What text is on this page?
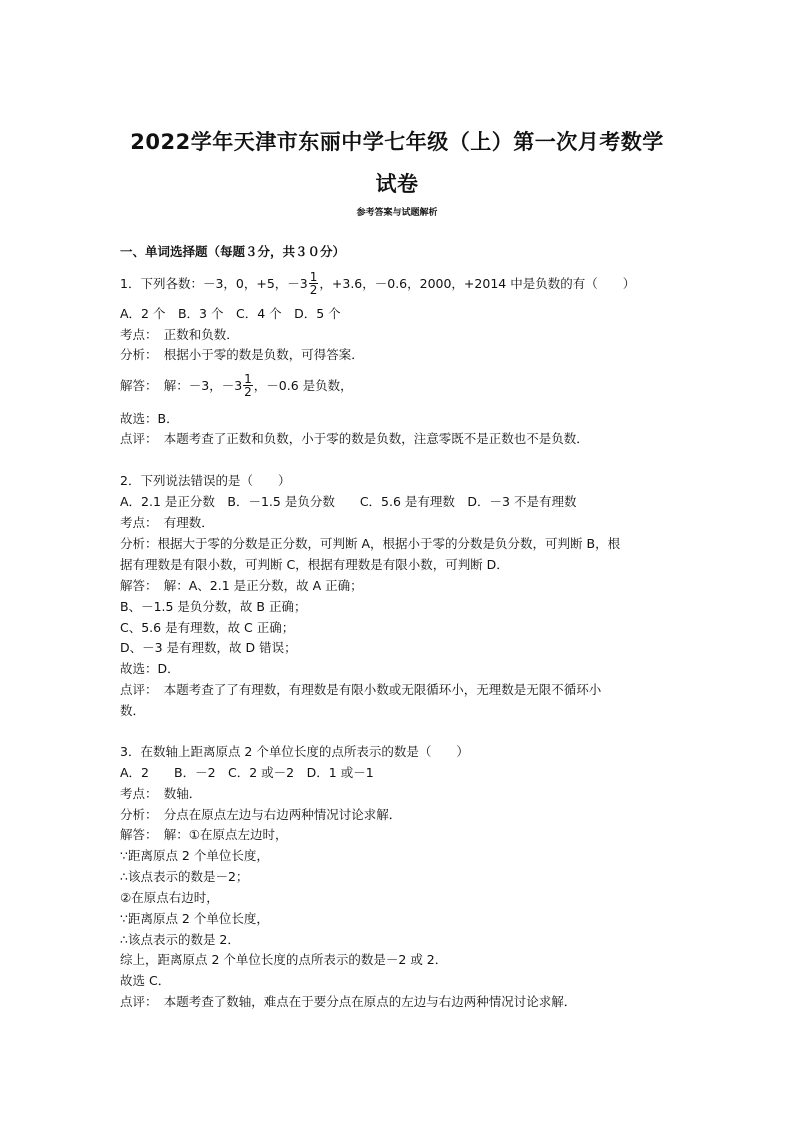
2022学年天津市东丽中学七年级（上）第一次月考数学
试卷
参考答案与试题解析
一、单词选择题（每题３分，共３０分）
1．下列各数：－3，0，+5，$-3 \frac{1}{2}$ ，+3.6，－0.6，2000，+2014 中是负数的有（　　）
A．2 个　B．3 个　C．4 个　D．5 个
考点：　正数和负数．
分析：　根据小于零的数是负数，可得答案．
解答：　解：－3，$-3 \frac{1}{2}$ ，－0.6 是负数，
故选：B．
点评：　本题考查了正数和负数，小于零的数是负数，注意零既不是正数也不是负数．
2．下列说法错误的是（　　）
A．2.1 是正分数　B．－1.5 是负分数　　C．5.6 是有理数　D．－3 不是有理数
考点：　有理数．
分析：根据大于零的分数是正分数，可判断 A，根据小于零的分数是负分数，可判断 B，根
据有理数是有限小数，可判断 C，根据有理数是有限小数，可判断 D．
解答：　解：A、2.1 是正分数，故 A 正确；
B、－1.5 是负分数，故 B 正确；
C、5.6 是有理数，故 C 正确；
D、－3 是有理数，故 D 错误；
故选：D．
点评：　本题考查了了有理数，有理数是有限小数或无限循环小，无理数是无限不循环小
数．
3．在数轴上距离原点 2 个单位长度的点所表示的数是（　　）
A．2　　B．－2　C．2 或－2　D．1 或－1
考点：　数轴．
分析：　分点在原点左边与右边两种情况讨论求解．
解答：　解：①在原点左边时，
∵距离原点 2 个单位长度，
∴该点表示的数是－2；
②在原点右边时，
∵距离原点 2 个单位长度，
∴该点表示的数是 2．
综上，距离原点 2 个单位长度的点所表示的数是－2 或 2．
故选 C．
点评：　本题考查了数轴，难点在于要分点在原点的左边与右边两种情况讨论求解．
